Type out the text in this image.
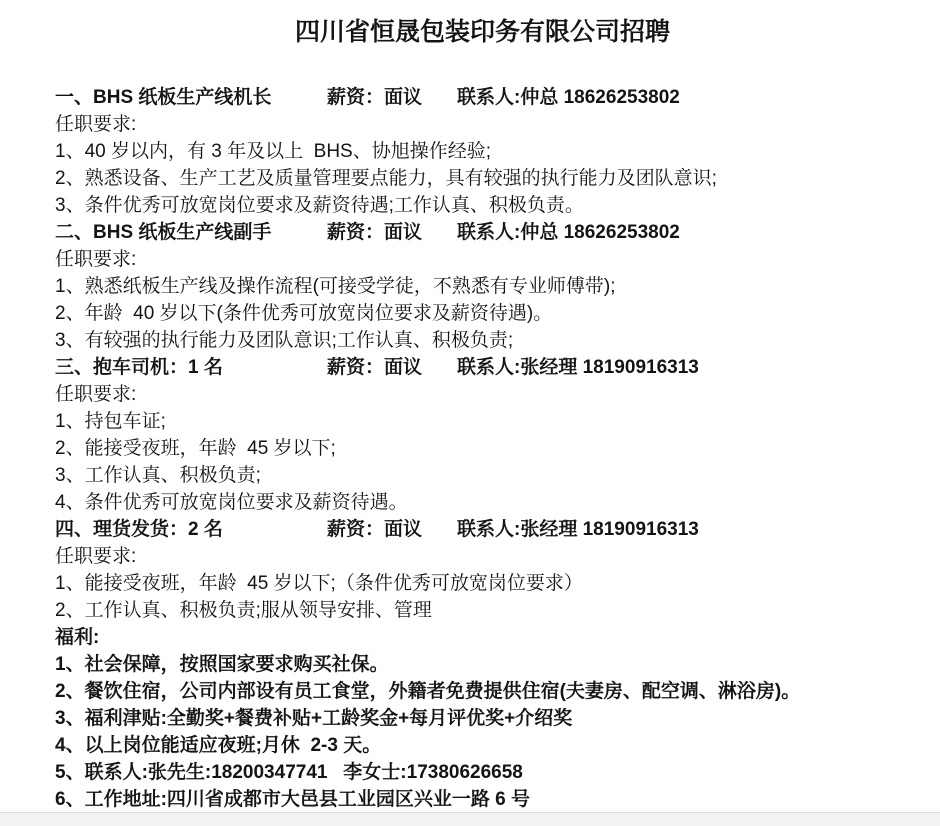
四川省恒晟包装印务有限公司招聘
一、BHS 纸板生产线机长	薪资：面议 联系人:仲总 18626253802
任职要求:
1、40 岁以内，有 3 年及以上  BHS、协旭操作经验;
2、熟悉设备、生产工艺及质量管理要点能力，具有较强的执行能力及团队意识;
3、条件优秀可放宽岗位要求及薪资待遇;工作认真、积极负责。
二、BHS 纸板生产线副手	薪资：面议 联系人:仲总 18626253802
任职要求:
1、熟悉纸板生产线及操作流程(可接受学徒，不熟悉有专业师傅带);
2、年龄  40 岁以下(条件优秀可放宽岗位要求及薪资待遇)。
3、有较强的执行能力及团队意识;工作认真、积极负责;
三、抱车司机：1 名	薪资：面议 联系人:张经理 18190916313
任职要求:
1、持包车证;
2、能接受夜班，年龄  45 岁以下;
3、工作认真、积极负责;
4、条件优秀可放宽岗位要求及薪资待遇。
四、理货发货：2 名	薪资：面议 联系人:张经理 18190916313
任职要求:
1、能接受夜班，年龄  45 岁以下;（条件优秀可放宽岗位要求）
2、工作认真、积极负责;服从领导安排、管理
福利:
1、社会保障，按照国家要求购买社保。
2、餐饮住宿，公司内部设有员工食堂，外籍者免费提供住宿(夫妻房、配空调、淋浴房)。
3、福利津贴:全勤奖+餐费补贴+工龄奖金+每月评优奖+介绍奖
4、以上岗位能适应夜班;月休  2-3 天。
5、联系人:张先生:18200347741   李女士:17380626658
6、工作地址:四川省成都市大邑县工业园区兴业一路 6 号
